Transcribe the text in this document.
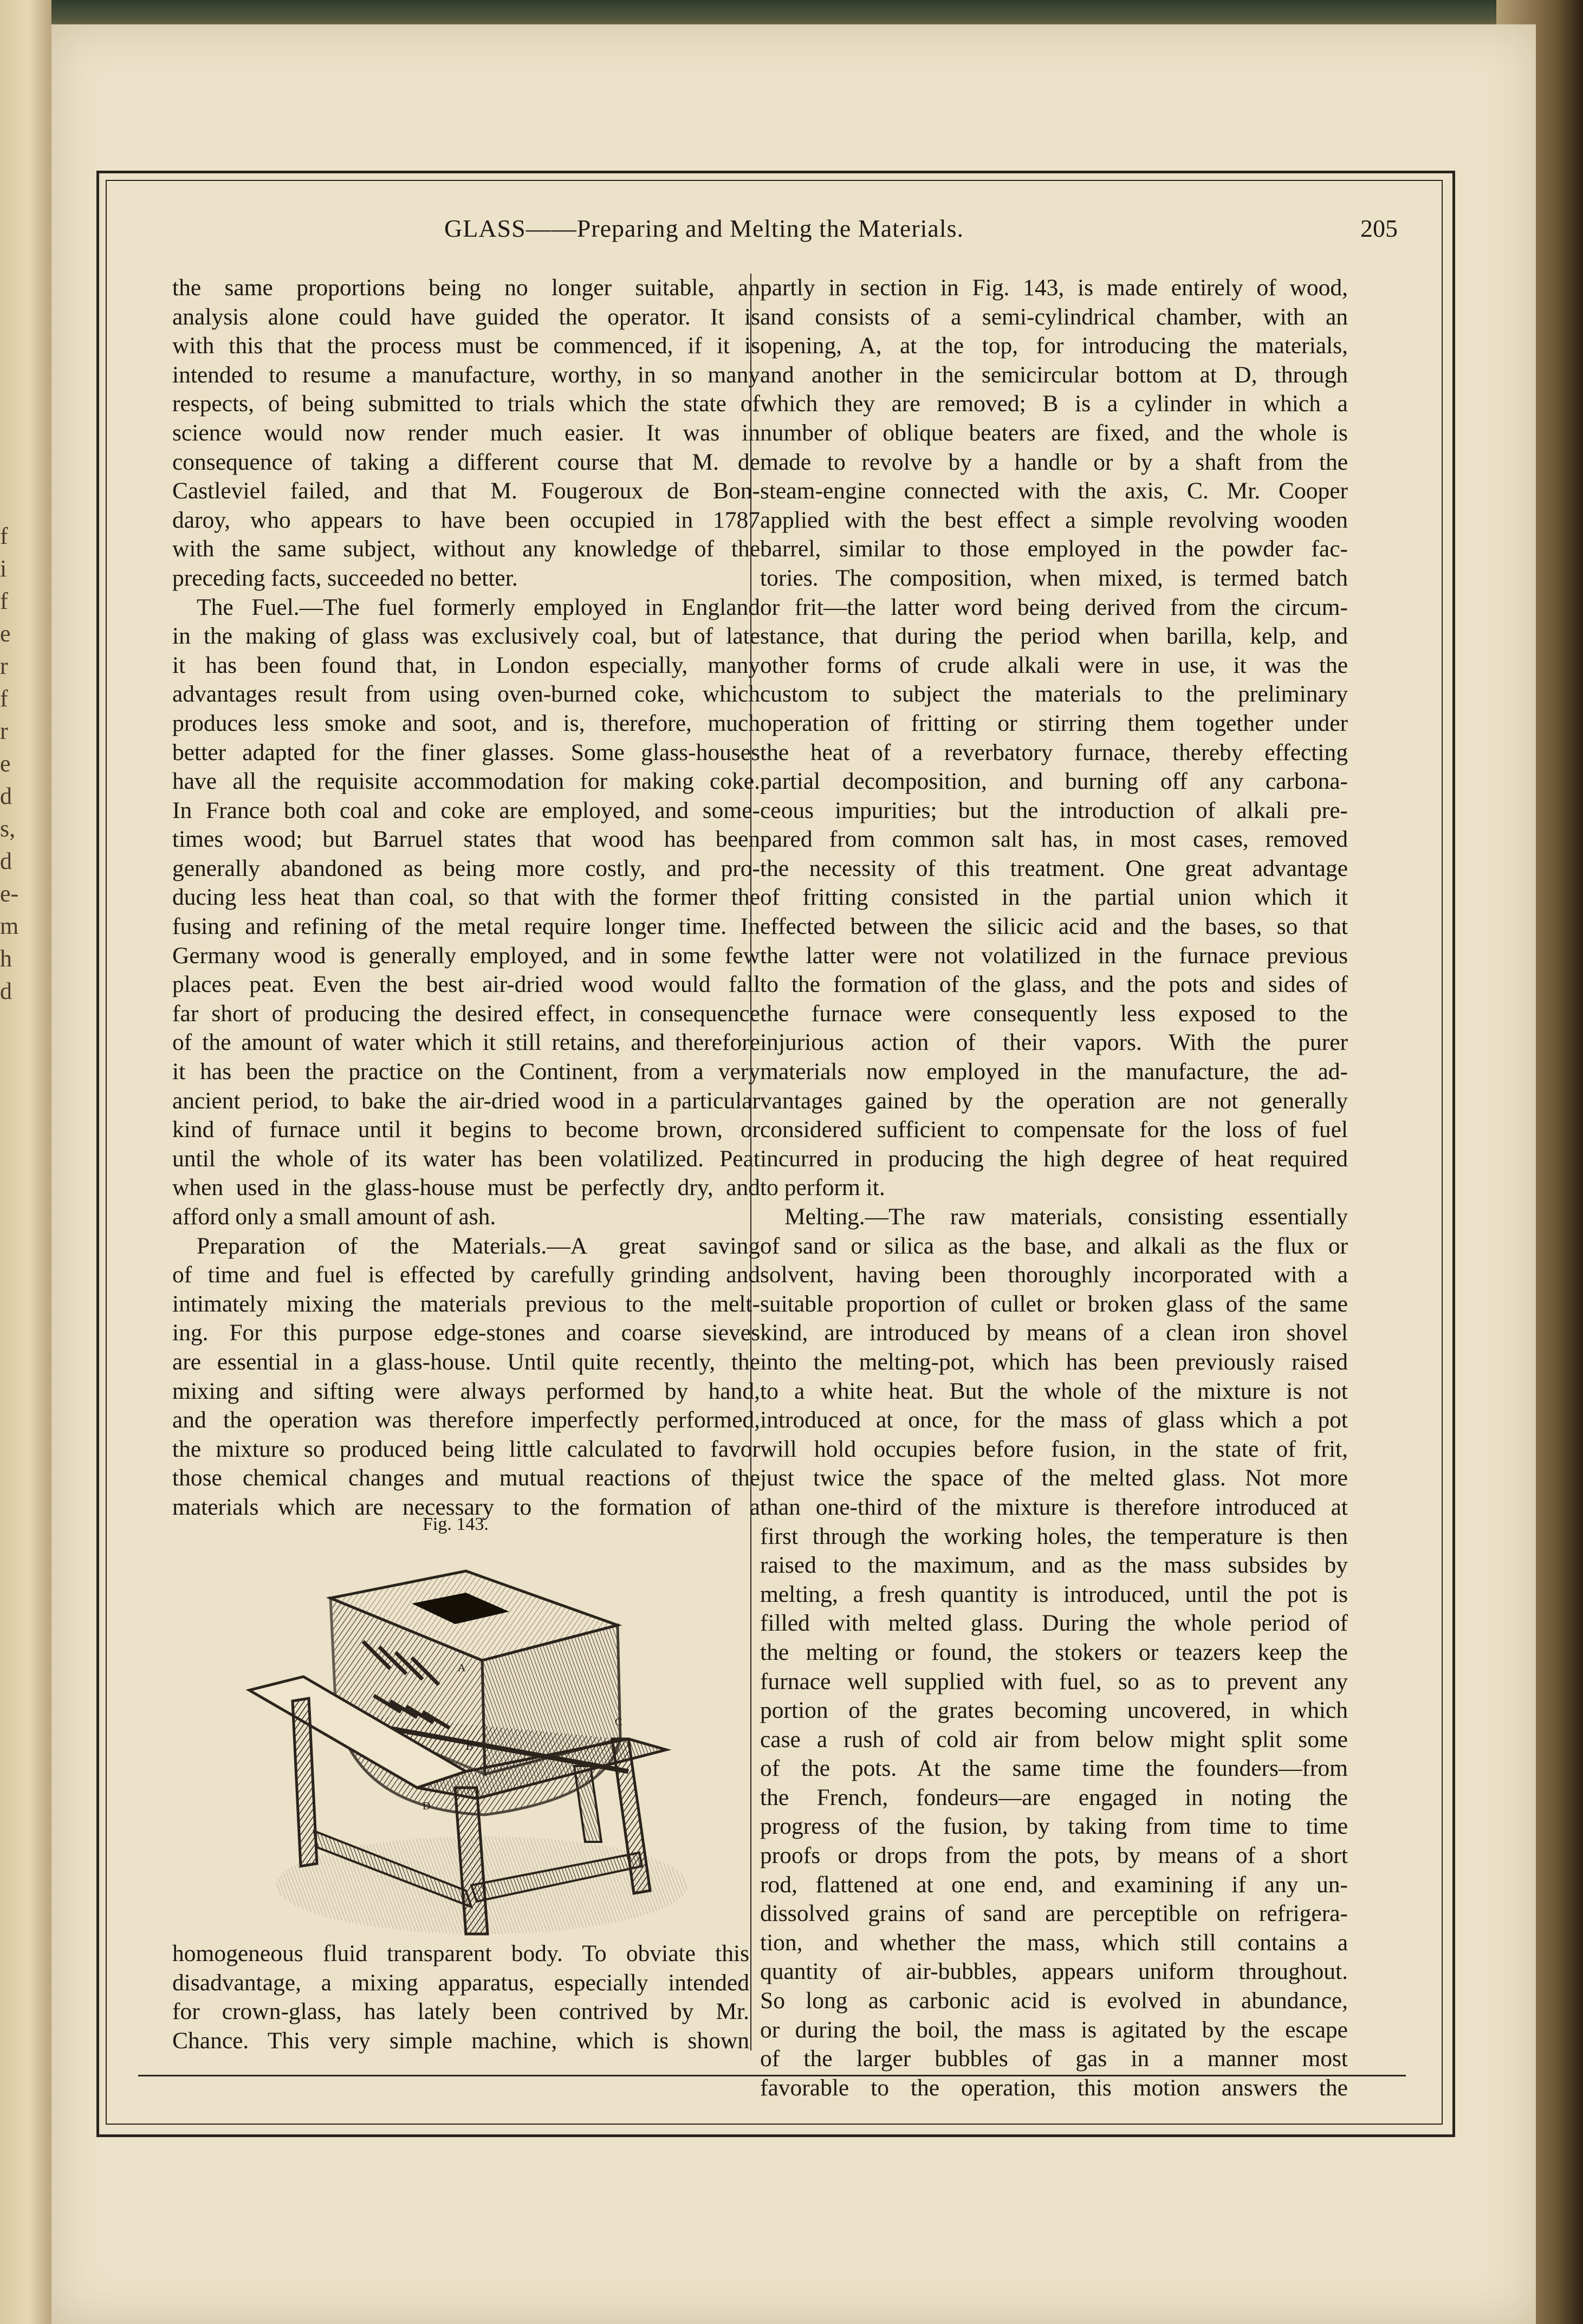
f
i
f
e
r
f
r
e
d
s,
d
e-
m
h
d
GLASS——Preparing and Melting the Materials.	205
the same proportions being no longer suitable, an
analysis alone could have guided the operator. It is
with this that the process must be commenced, if it is
intended to resume a manufacture, worthy, in so many
respects, of being submitted to trials which the state of
science would now render much easier. It was in
consequence of taking a different course that M. de
Castleviel failed, and that M. Fougeroux de Bon-
daroy, who appears to have been occupied in 1787
with the same subject, without any knowledge of the
preceding facts, succeeded no better.
The Fuel.—The fuel formerly employed in England
in the making of glass was exclusively coal, but of late
it has been found that, in London especially, many
advantages result from using oven-burned coke, which
produces less smoke and soot, and is, therefore, much
better adapted for the finer glasses. Some glass-houses
have all the requisite accommodation for making coke.
In France both coal and coke are employed, and some-
times wood; but Barruel states that wood has been
generally abandoned as being more costly, and pro-
ducing less heat than coal, so that with the former the
fusing and refining of the metal require longer time. In
Germany wood is generally employed, and in some few
places peat. Even the best air-dried wood would fall
far short of producing the desired effect, in consequence
of the amount of water which it still retains, and therefore
it has been the practice on the Continent, from a very
ancient period, to bake the air-dried wood in a particular
kind of furnace until it begins to become brown, or
until the whole of its water has been volatilized. Peat
when used in the glass-house must be perfectly dry, and
afford only a small amount of ash.
Preparation of the Materials.—A great saving
of time and fuel is effected by carefully grinding and
intimately mixing the materials previous to the melt-
ing. For this purpose edge-stones and coarse sieves
are essential in a glass-house. Until quite recently, the
mixing and sifting were always performed by hand,
and the operation was therefore imperfectly performed,
the mixture so produced being little calculated to favor
those chemical changes and mutual reactions of the
materials which are necessary to the formation of a
partly in section in Fig. 143, is made entirely of wood,
and consists of a semi-cylindrical chamber, with an
opening, A, at the top, for introducing the materials,
and another in the semicircular bottom at D, through
which they are removed; B is a cylinder in which a
number of oblique beaters are fixed, and the whole is
made to revolve by a handle or by a shaft from the
steam-engine connected with the axis, C. Mr. Cooper
applied with the best effect a simple revolving wooden
barrel, similar to those employed in the powder fac-
tories. The composition, when mixed, is termed batch
or frit—the latter word being derived from the circum-
stance, that during the period when barilla, kelp, and
other forms of crude alkali were in use, it was the
custom to subject the materials to the preliminary
operation of fritting or stirring them together under
the heat of a reverbatory furnace, thereby effecting
partial decomposition, and burning off any carbona-
ceous impurities; but the introduction of alkali pre-
pared from common salt has, in most cases, removed
the necessity of this treatment. One great advantage
of fritting consisted in the partial union which it
effected between the silicic acid and the bases, so that
the latter were not volatilized in the furnace previous
to the formation of the glass, and the pots and sides of
the furnace were consequently less exposed to the
injurious action of their vapors. With the purer
materials now employed in the manufacture, the ad-
vantages gained by the operation are not generally
considered sufficient to compensate for the loss of fuel
incurred in producing the high degree of heat required
to perform it.
Melting.—The raw materials, consisting essentially
of sand or silica as the base, and alkali as the flux or
solvent, having been thoroughly incorporated with a
suitable proportion of cullet or broken glass of the same
kind, are introduced by means of a clean iron shovel
into the melting-pot, which has been previously raised
to a white heat. But the whole of the mixture is not
introduced at once, for the mass of glass which a pot
will hold occupies before fusion, in the state of frit,
just twice the space of the melted glass. Not more
than one-third of the mixture is therefore introduced at
first through the working holes, the temperature is then
raised to the maximum, and as the mass subsides by
melting, a fresh quantity is introduced, until the pot is
filled with melted glass. During the whole period of
the melting or found, the stokers or teazers keep the
furnace well supplied with fuel, so as to prevent any
portion of the grates becoming uncovered, in which
case a rush of cold air from below might split some
of the pots. At the same time the founders—from
the French, fondeurs—are engaged in noting the
progress of the fusion, by taking from time to time
proofs or drops from the pots, by means of a short
rod, flattened at one end, and examining if any un-
dissolved grains of sand are perceptible on refrigera-
tion, and whether the mass, which still contains a
quantity of air-bubbles, appears uniform throughout.
So long as carbonic acid is evolved in abundance,
or during the boil, the mass is agitated by the escape
of the larger bubbles of gas in a manner most
favorable to the operation, this motion answers the
Fig. 143.
A
B
C
D
homogeneous fluid transparent body. To obviate this
disadvantage, a mixing apparatus, especially intended
for crown-glass, has lately been contrived by Mr.
Chance. This very simple machine, which is shown
